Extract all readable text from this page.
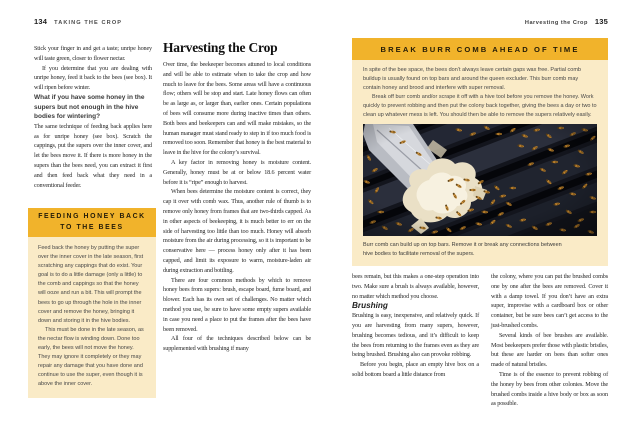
134 TAKING THE CROP

Stick your finger in and get a taste; unripe honey will taste green, closer to flower nectar.

If you determine that you are dealing with unripe honey, feed it back to the bees (see box). It will ripen before winter.

What if you have some honey in the supers but not enough in the hive bodies for wintering?

The same technique of feeding back applies here as for unripe honey (see box). Scratch the cappings, put the supers over the inner cover, and let the bees move it. If there is more honey in the supers than the bees need, you can extract it first and then feed back what they need in a conventional feeder.

Harvesting the Crop

Over time, the beekeeper becomes attuned to local conditions and will be able to estimate when to take the crop and how much to leave for the bees. Some areas will have a continuous flow; others will be stop and start. Late honey flows can often be as large as, or larger than, earlier ones. Certain populations of bees will consume more during inactive times than others. Both bees and beekeepers can and will make mistakes, so the human manager must stand ready to step in if too much food is removed too soon. Remember that honey is the best material to leave in the hive for the colony’s survival.

A key factor in removing honey is moisture content. Generally, honey must be at or below 18.6 percent water before it is “ripe” enough to harvest.

When bees determine the moisture content is correct, they cap it over with comb wax. Thus, another rule of thumb is to remove only honey from frames that are two-thirds capped. As in other aspects of beekeeping, it is much better to err on the side of harvesting too little than too much. Honey will absorb moisture from the air during processing, so it is important to be conservative here — process honey only after it has been capped, and limit its exposure to warm, moisture-laden air during extraction and bottling.

There are four common methods by which to remove honey bees from supers: brush, escape board, fume board, and blower. Each has its own set of challenges. No matter which method you use, be sure to have some empty supers available in case you need a place to put the frames after the bees have been removed.

All four of the techniques described below can be supplemented with brushing if many

FEEDING HONEY BACK TO THE BEES

Feed back the honey by putting the super over the inner cover in the late season, first scratching any cappings that do exist. Your goal is to do a little damage (only a little) to the comb and cappings so that the honey will ooze and run a bit. This will prompt the bees to go up through the hole in the inner cover and remove the honey, bringing it down and storing it in the hive bodies.

This must be done in the late season, as the nectar flow is winding down. Done too early, the bees will not move the honey. They may ignore it completely or they may repair any damage that you have done and continue to use the super, even though it is above the inner cover.

Harvesting the Crop 135
BREAK BURR COMB AHEAD OF TIME

In spite of the bee space, the bees don’t always leave certain gaps wax free. Partial comb buildup is usually found on top bars and around the queen excluder. This burr comb may contain honey and brood and interfere with super removal.

Break off burr comb and/or scrape it off with a hive tool before you remove the honey. Work quickly to prevent robbing and then put the colony back together, giving the bees a day or two to clean up whatever mess is left. You should then be able to remove the supers relatively easily.

Burr comb can build up on top bars. Remove it or break any connections between hive bodies to facilitate removal of the supers.

bees remain, but this makes a one-step operation into two. Make sure a brush is always available, however, no matter which method you choose.

Brushing

Brushing is easy, inexpensive, and relatively quick. If you are harvesting from many supers, however, brushing becomes tedious, and it’s difficult to keep the bees from returning to the frames even as they are being brushed. Brushing also can provoke robbing.

Before you begin, place an empty hive box on a solid bottom board a little distance from

the colony, where you can put the brushed combs one by one after the bees are removed. Cover it with a damp towel. If you don’t have an extra super, improvise with a cardboard box or other container, but be sure bees can’t get access to the just-brushed combs.

Several kinds of bee brushes are available. Most beekeepers prefer those with plastic bristles, but these are harder on bees than softer ones made of natural bristles.

Time is of the essence to prevent robbing of the honey by bees from other colonies. Move the brushed combs inside a hive body or box as soon as possible.
